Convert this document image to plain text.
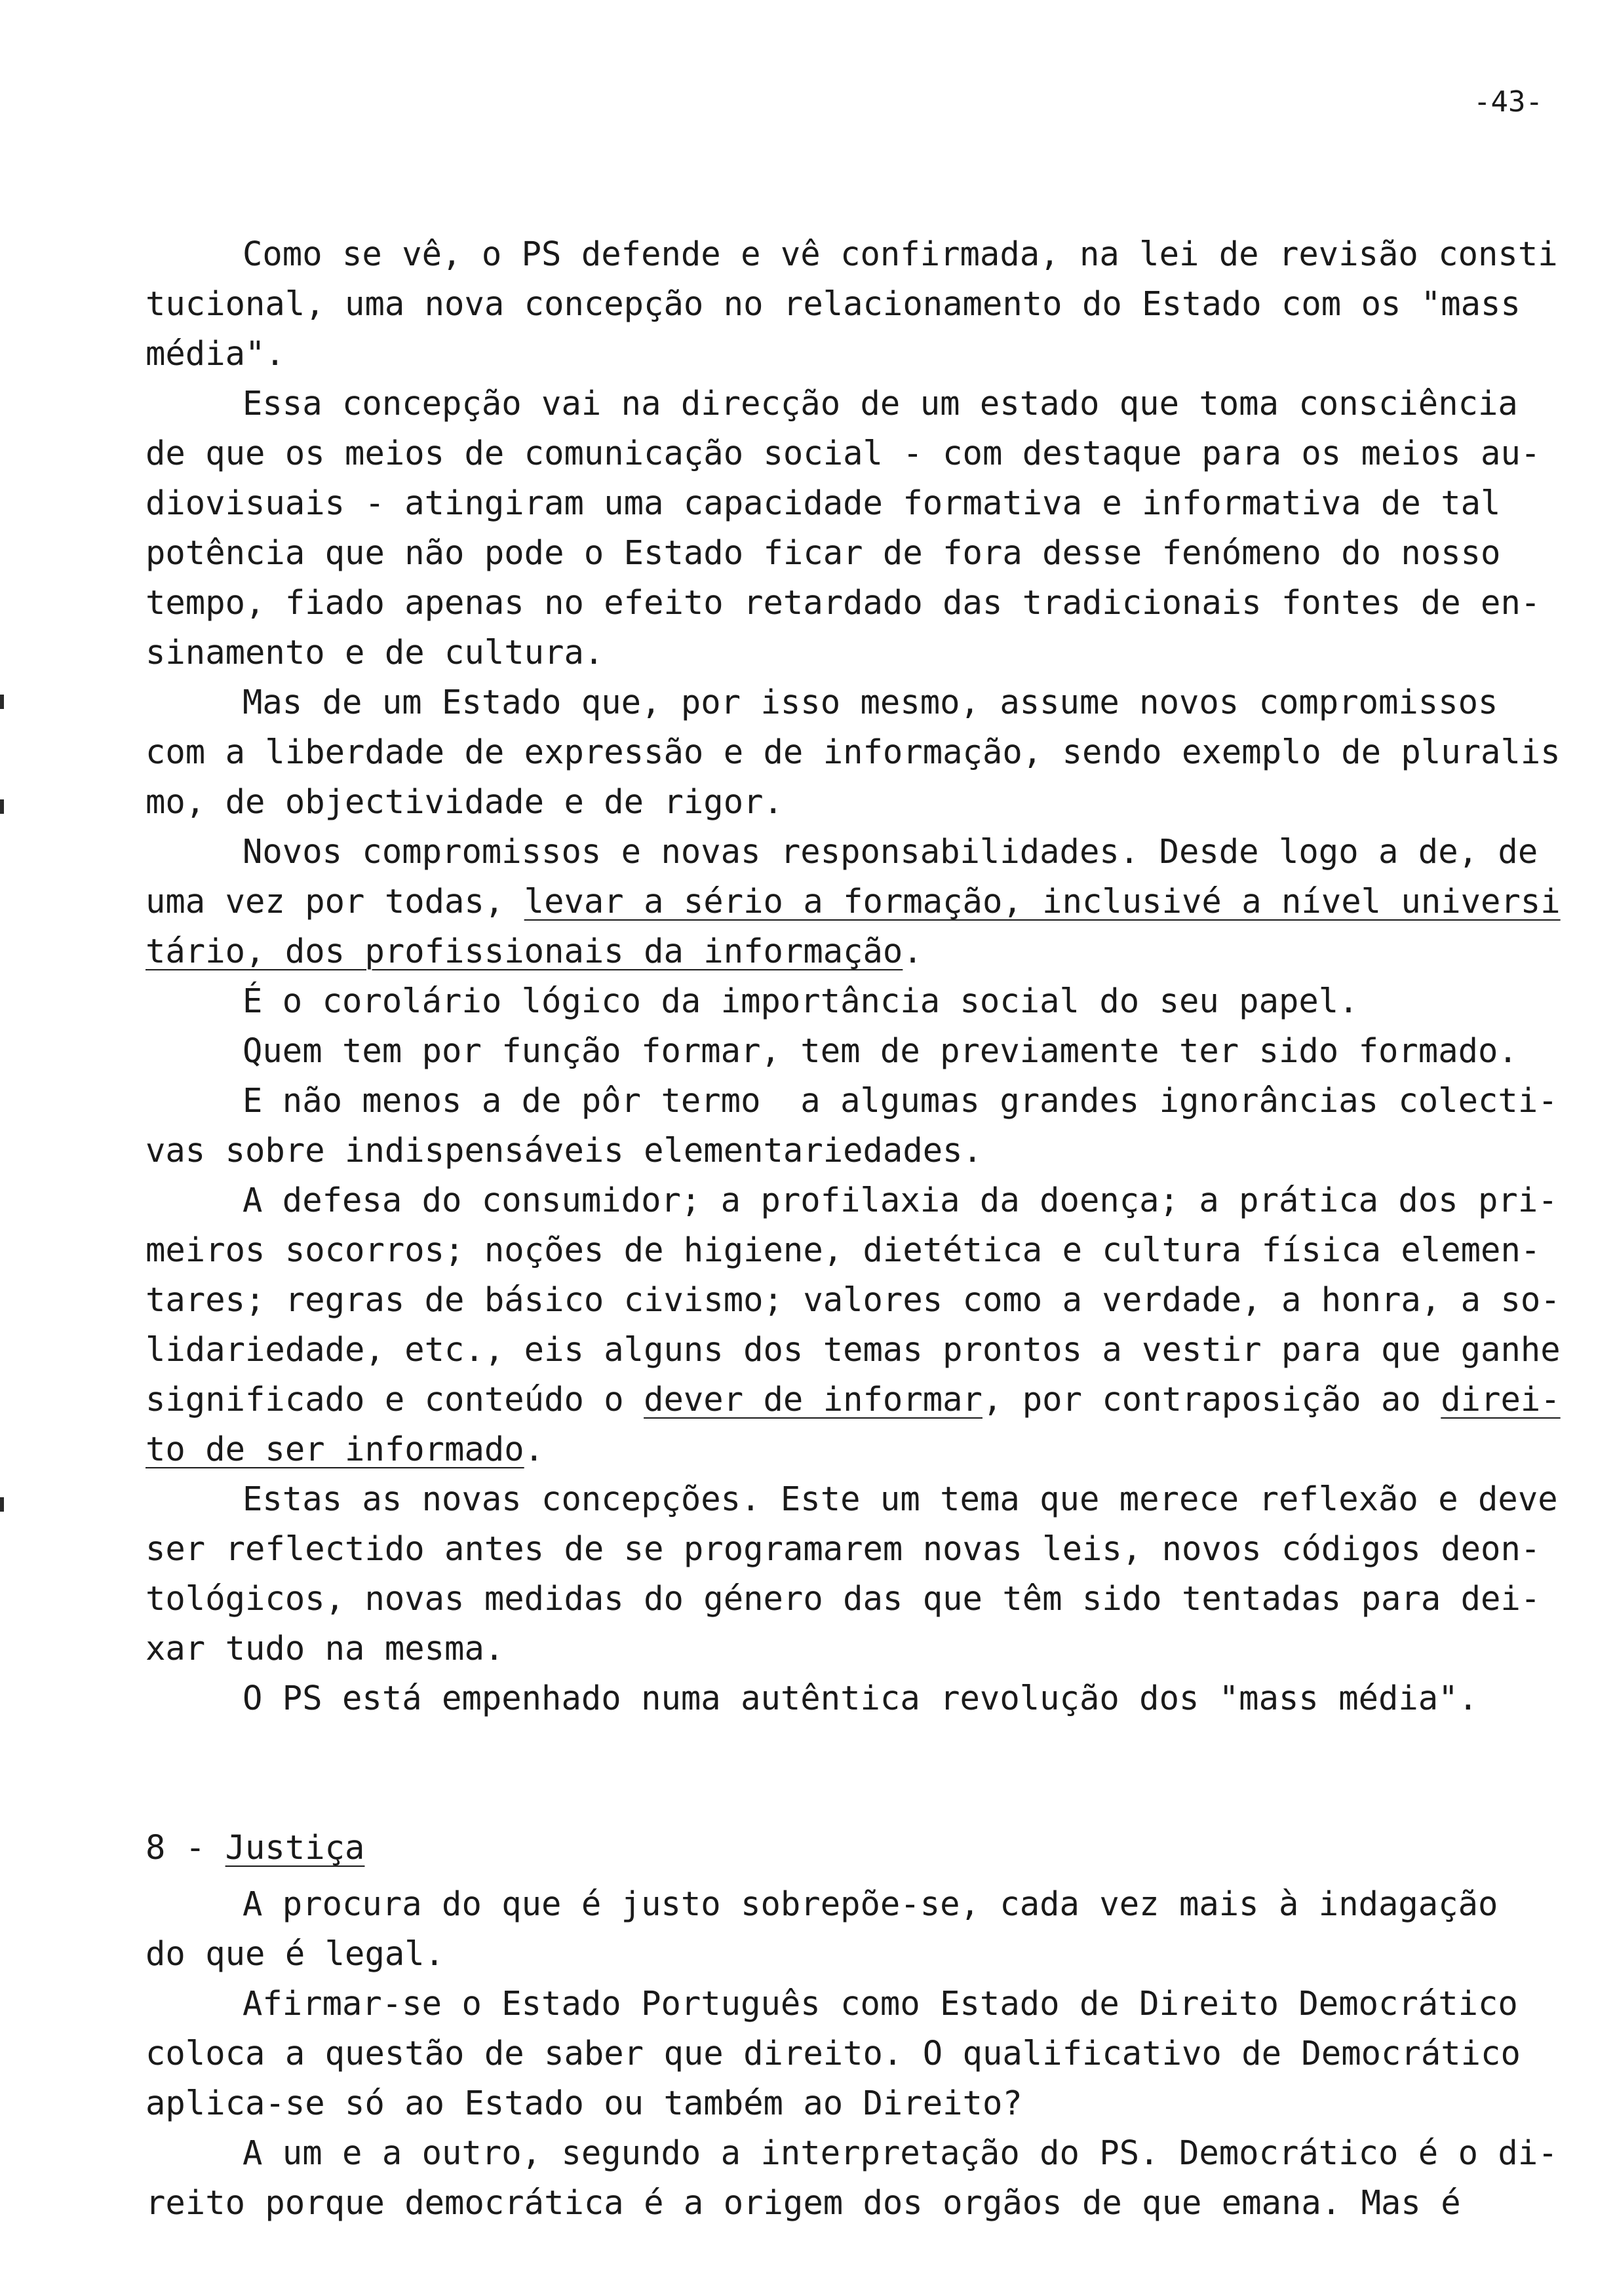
-43-
Como se vê, o PS defende e vê confirmada, na lei de revisão consti
tucional, uma nova concepção no relacionamento do Estado com os "mass
média".
Essa concepção vai na direcção de um estado que toma consciência
de que os meios de comunicação social - com destaque para os meios au-
diovisuais - atingiram uma capacidade formativa e informativa de tal
potência que não pode o Estado ficar de fora desse fenómeno do nosso
tempo, fiado apenas no efeito retardado das tradicionais fontes de en-
sinamento e de cultura.
Mas de um Estado que, por isso mesmo, assume novos compromissos
com a liberdade de expressão e de informação, sendo exemplo de pluralis
mo, de objectividade e de rigor.
Novos compromissos e novas responsabilidades. Desde logo a de, de
uma vez por todas, levar a sério a formação, inclusivé a nível universi
tário, dos profissionais da informação.
É o corolário lógico da importância social do seu papel.
Quem tem por função formar, tem de previamente ter sido formado.
E não menos a de pôr termo  a algumas grandes ignorâncias colecti-
vas sobre indispensáveis elementariedades.
A defesa do consumidor; a profilaxia da doença; a prática dos pri-
meiros socorros; noções de higiene, dietética e cultura física elemen-
tares; regras de básico civismo; valores como a verdade, a honra, a so-
lidariedade, etc., eis alguns dos temas prontos a vestir para que ganhe
significado e conteúdo o dever de informar, por contraposição ao direi-
to de ser informado.
Estas as novas concepções. Este um tema que merece reflexão e deve
ser reflectido antes de se programarem novas leis, novos códigos deon-
tológicos, novas medidas do género das que têm sido tentadas para dei-
xar tudo na mesma.
O PS está empenhado numa autêntica revolução dos "mass média".
8 - Justiça
A procura do que é justo sobrepõe-se, cada vez mais à indagação
do que é legal.
Afirmar-se o Estado Português como Estado de Direito Democrático
coloca a questão de saber que direito. O qualificativo de Democrático
aplica-se só ao Estado ou também ao Direito?
A um e a outro, segundo a interpretação do PS. Democrático é o di-
reito porque democrática é a origem dos orgãos de que emana. Mas é
